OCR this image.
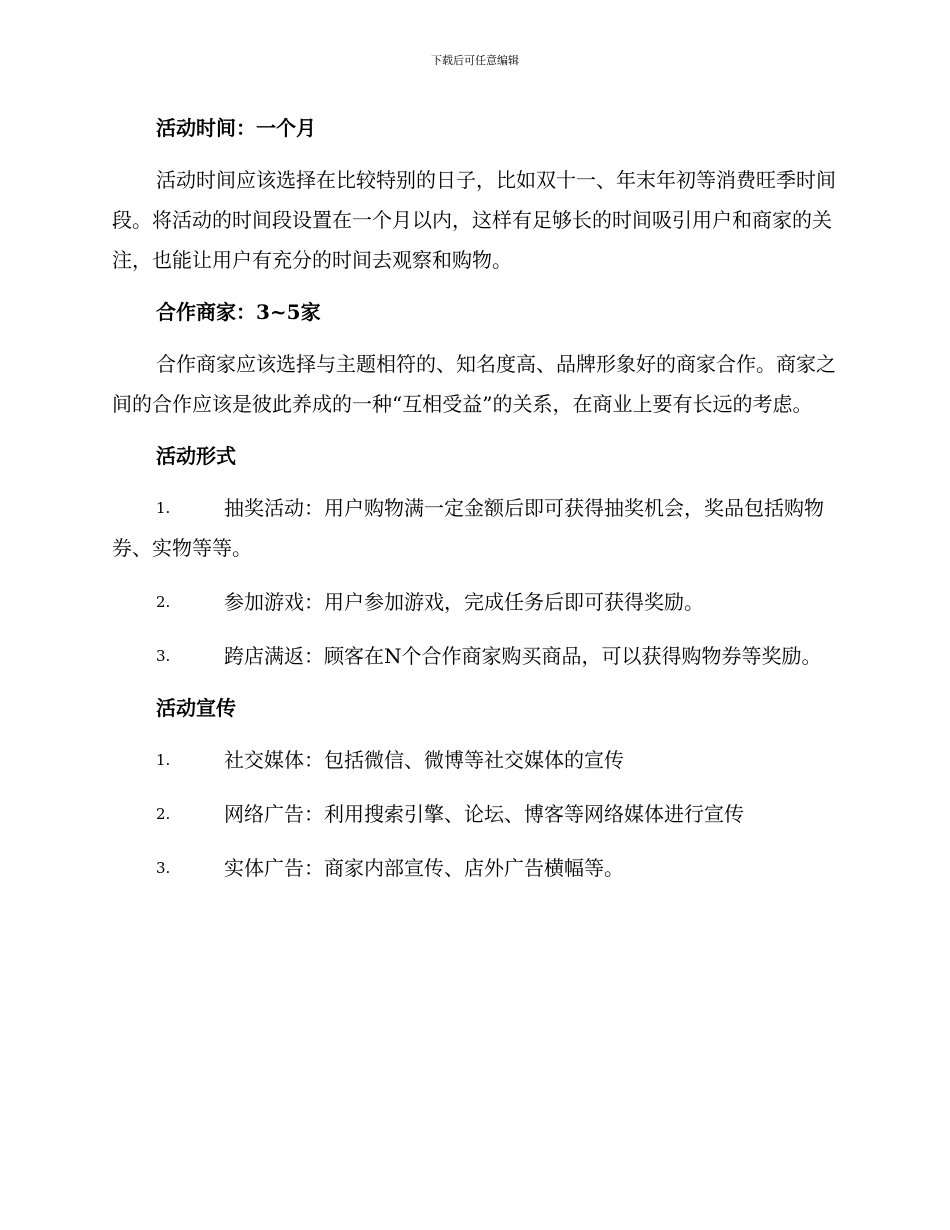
下载后可任意编辑

活动时间：一个月

活动时间应该选择在比较特别的日子，比如双十一、年末年初等消费旺季时间段。将活动的时间段设置在一个月以内，这样有足够长的时间吸引用户和商家的关注，也能让用户有充分的时间去观察和购物。

合作商家：3~5家

合作商家应该选择与主题相符的、知名度高、品牌形象好的商家合作。商家之间的合作应该是彼此养成的一种“互相受益”的关系，在商业上要有长远的考虑。

活动形式

1.	抽奖活动：用户购物满一定金额后即可获得抽奖机会，奖品包括购物券、实物等等。
2.	参加游戏：用户参加游戏，完成任务后即可获得奖励。
3.	跨店满返：顾客在N个合作商家购买商品，可以获得购物券等奖励。

活动宣传

1.	社交媒体：包括微信、微博等社交媒体的宣传
2.	网络广告：利用搜索引擎、论坛、博客等网络媒体进行宣传
3.	实体广告：商家内部宣传、店外广告横幅等。
